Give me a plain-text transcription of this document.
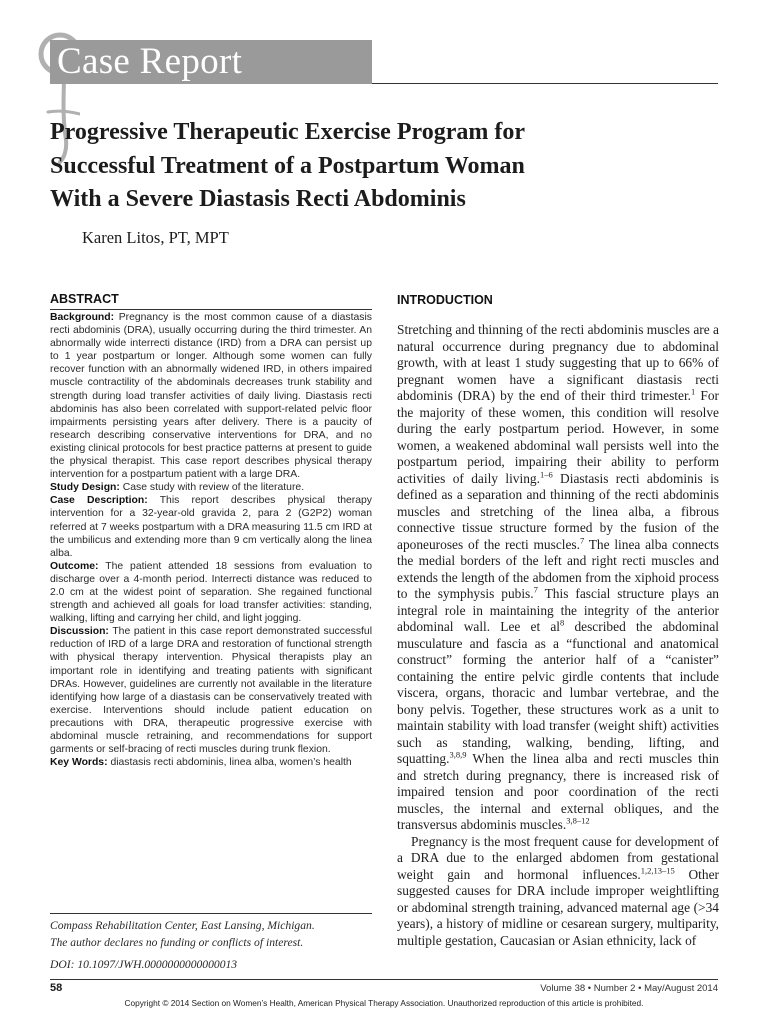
Case Report
Progressive Therapeutic Exercise Program for
Successful Treatment of a Postpartum Woman
With a Severe Diastasis Recti Abdominis
Karen Litos, PT, MPT
ABSTRACT

Background: Pregnancy is the most common cause of a diastasis recti abdominis (DRA), usually occurring during the third trimester. An abnormally wide interrecti distance (IRD) from a DRA can persist up to 1 year postpartum or longer. Although some women can fully recover function with an abnormally widened IRD, in others impaired muscle contractility of the abdominals decreases trunk stability and strength during load transfer activities of daily living. Diastasis recti abdominis has also been correlated with support-related pelvic floor impairments persisting years after delivery. There is a paucity of research describing conservative interventions for DRA, and no existing clinical protocols for best practice patterns at present to guide the physical therapist. This case report describes physical therapy intervention for a postpartum patient with a large DRA.

Study Design: Case study with review of the literature.

Case Description: This report describes physical therapy intervention for a 32-year-old gravida 2, para 2 (G2P2) woman referred at 7 weeks postpartum with a DRA measuring 11.5 cm IRD at the umbilicus and extending more than 9 cm vertically along the linea alba.

Outcome: The patient attended 18 sessions from evaluation to discharge over a 4-month period. Interrecti distance was reduced to 2.0 cm at the widest point of separation. She regained functional strength and achieved all goals for load transfer activities: standing, walking, lifting and carrying her child, and light jogging.

Discussion: The patient in this case report demonstrated successful reduction of IRD of a large DRA and restoration of functional strength with physical therapy intervention. Physical therapists play an important role in identifying and treating patients with significant DRAs. However, guidelines are currently not available in the literature identifying how large of a diastasis can be conservatively treated with exercise. Interventions should include patient education on precautions with DRA, therapeutic progressive exercise with abdominal muscle retraining, and recommendations for support garments or self-bracing of recti muscles during trunk flexion.

Key Words: diastasis recti abdominis, linea alba, women’s health

Compass Rehabilitation Center, East Lansing, Michigan.
The author declares no funding or conflicts of interest.
DOI: 10.1097/JWH.0000000000000013
INTRODUCTION

Stretching and thinning of the recti abdominis muscles are a natural occurrence during pregnancy due to abdominal growth, with at least 1 study suggesting that up to 66% of pregnant women have a significant diastasis recti abdominis (DRA) by the end of their third trimester.$^1$ For the majority of these women, this condition will resolve during the early postpartum period. However, in some women, a weakened abdominal wall persists well into the postpartum period, impairing their ability to perform activities of daily living.$^{1-6}$ Diastasis recti abdominis is defined as a separation and thinning of the recti abdominis muscles and stretching of the linea alba, a fibrous connective tissue structure formed by the fusion of the aponeuroses of the recti muscles.$^7$ The linea alba connects the medial borders of the left and right recti muscles and extends the length of the abdomen from the xiphoid process to the symphysis pubis.$^7$ This fascial structure plays an integral role in maintaining the integrity of the anterior abdominal wall. Lee et $al^8$ described the abdominal musculature and fascia as a “functional and anatomical construct” forming the anterior half of a “canister” containing the entire pelvic girdle contents that include viscera, organs, thoracic and lumbar vertebrae, and the bony pelvis. Together, these structures work as a unit to maintain stability with load transfer (weight shift) activities such as standing, walking, bending, lifting, and squatting.$^{3,8,9}$ When the linea alba and recti muscles thin and stretch during pregnancy, there is increased risk of impaired tension and poor coordination of the recti muscles, the internal and external obliques, and the transversus abdominis muscles.$^{3,8-12}$

Pregnancy is the most frequent cause for development of a DRA due to the enlarged abdomen from gestational weight gain and hormonal influences.$^{1,2,13-15}$ Other suggested causes for DRA include improper weightlifting or abdominal strength training, advanced maternal age (>34 years), a history of midline or cesarean surgery, multiparity, multiple gestation, Caucasian or Asian ethnicity, lack of

58	Volume 38 • Number 2 • May/August 2014
Copyright © 2014 Section on Women’s Health, American Physical Therapy Association. Unauthorized reproduction of this article is prohibited.
